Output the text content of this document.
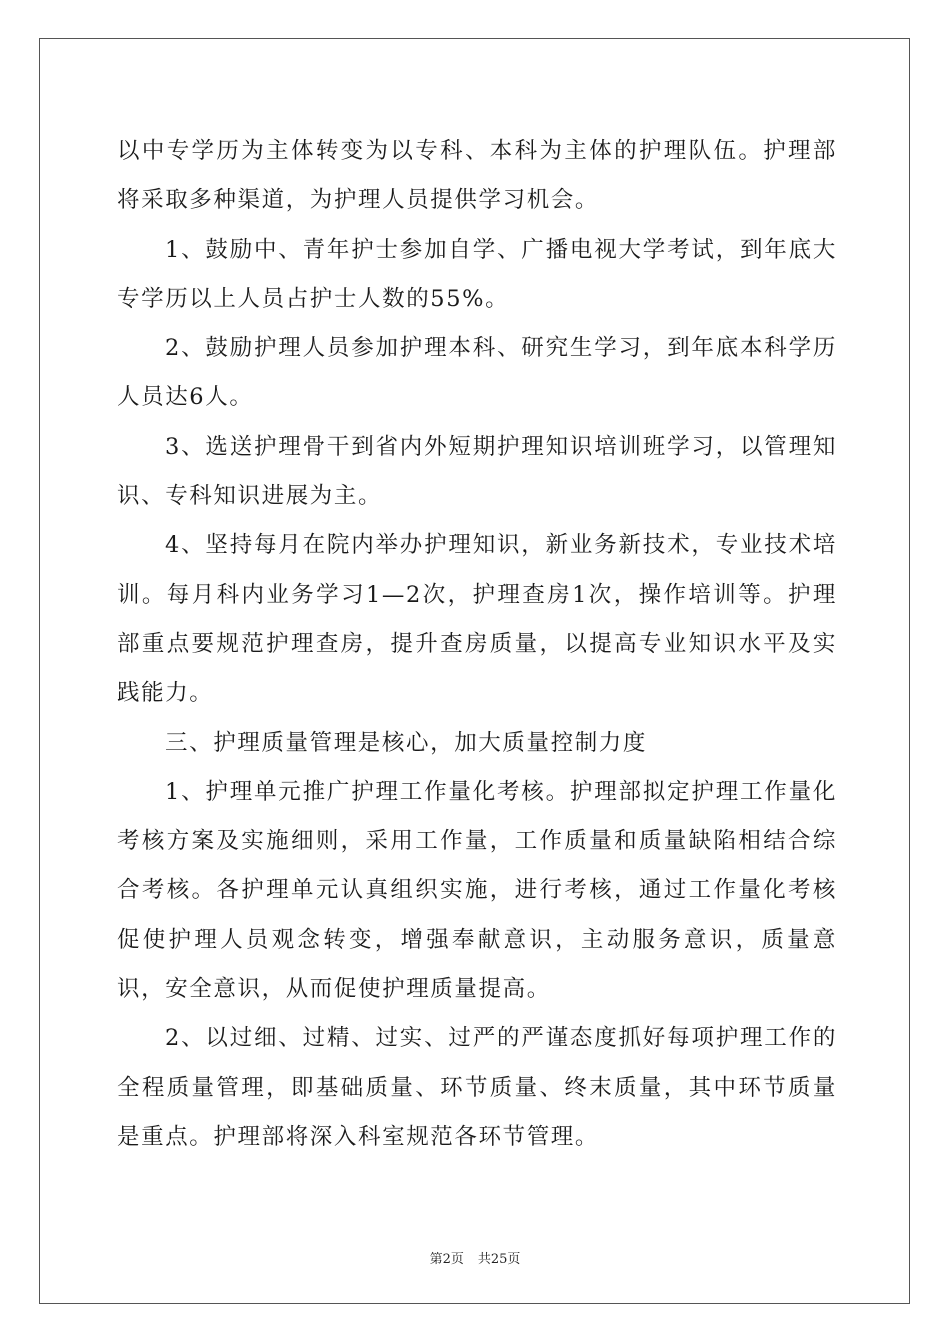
以中专学历为主体转变为以专科、本科为主体的护理队伍。护理部将采取多种渠道，为护理人员提供学习机会。

1、鼓励中、青年护士参加自学、广播电视大学考试，到年底大专学历以上人员占护士人数的55%。

2、鼓励护理人员参加护理本科、研究生学习，到年底本科学历人员达6人。

3、选送护理骨干到省内外短期护理知识培训班学习，以管理知识、专科知识进展为主。

4、坚持每月在院内举办护理知识，新业务新技术，专业技术培训。每月科内业务学习1—2次，护理查房1次，操作培训等。护理部重点要规范护理查房，提升查房质量，以提高专业知识水平及实践能力。

三、护理质量管理是核心，加大质量控制力度

1、护理单元推广护理工作量化考核。护理部拟定护理工作量化考核方案及实施细则，采用工作量，工作质量和质量缺陷相结合综合考核。各护理单元认真组织实施，进行考核，通过工作量化考核促使护理人员观念转变，增强奉献意识，主动服务意识，质量意识，安全意识，从而促使护理质量提高。

2、以过细、过精、过实、过严的严谨态度抓好每项护理工作的全程质量管理，即基础质量、环节质量、终末质量，其中环节质量是重点。护理部将深入科室规范各环节管理。

第2页 共25页
